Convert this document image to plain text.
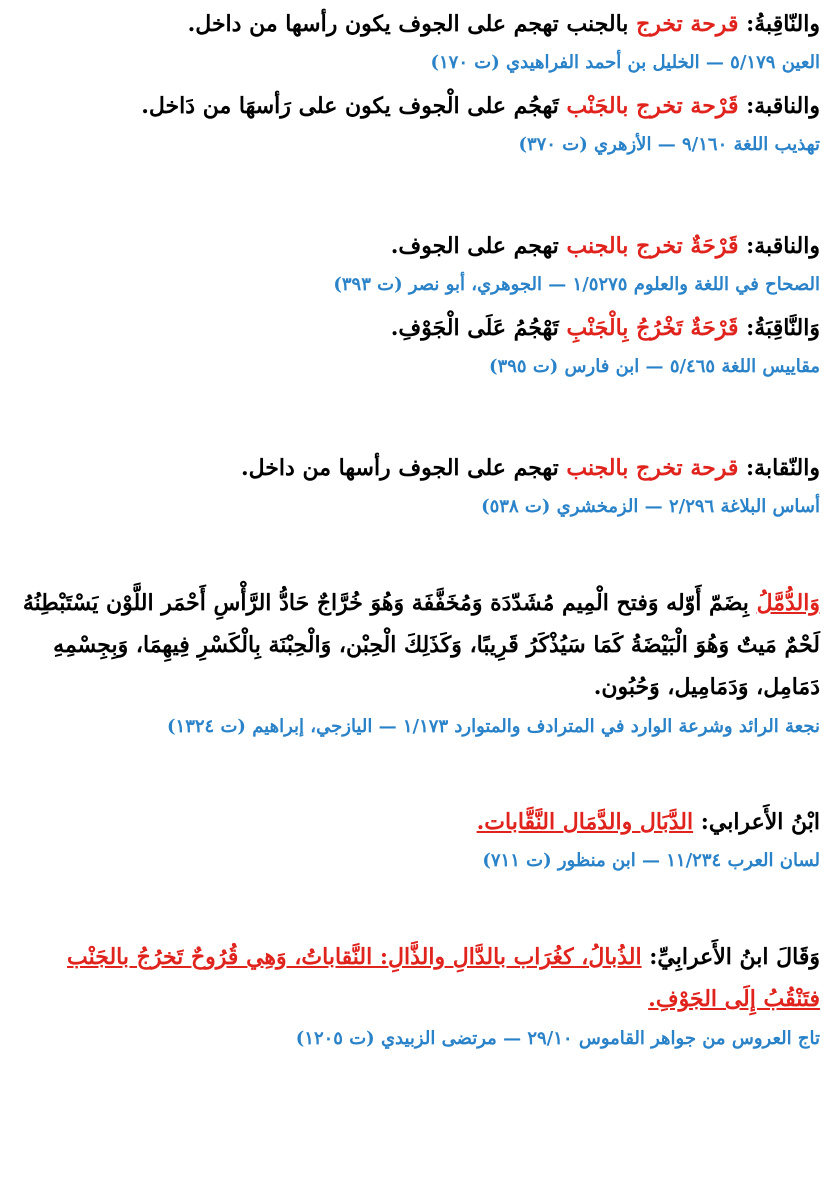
والنّاقِبةُ: قرحة تخرج بالجنب تهجم على الجوف يكون رأسها من داخل.

العين ٥/١٧٩ — الخليل بن أحمد الفراهيدي (ت ١٧٠)

والناقبة: قَرْحة تخرج بالجَنْب تَهجُم على الْجوف يكون على رَأسهَا من دَاخل.

تهذيب اللغة ٩/١٦٠ — الأزهري (ت ٣٧٠)

والناقبة: قَرْحَةٌ تخرج بالجنب تهجم على الجوف.

الصحاح في اللغة والعلوم ١/٥٢٧٥ — الجوهري، أبو نصر (ت ٣٩٣)

وَالنَّاقِبَةُ: قَرْحَةٌ تَخْرُجُ بِالْجَنْبِ تَهْجُمُ عَلَى الْجَوْفِ.

مقاييس اللغة ٥/٤٦٥ — ابن فارس (ت ٣٩٥)

والنّقابة: قرحة تخرج بالجنب تهجم على الجوف رأسها من داخل.

أساس البلاغة ٢/٢٩٦ — الزمخشري (ت ٥٣٨)

وَالدُّمَّلُ بِضَمّ أَوّله وَفتح الْمِيم مُشَدّدَة وَمُخَفَّفَة وَهُوَ خُرَّاجٌ حَادُّ الرَّأْسِ أَحْمَر اللَّوْن يَسْتَبْطِنُهُ لَحْمٌ مَيتٌ وَهُوَ الْبَيْضَةُ كَمَا سَيُذْكَرُ قَرِيبًا، وَكَذَلِكَ الْحِبْن، وَالْحِبْنَة بِالْكَسْرِ فِيهِمَا، وَبِجِسْمِهِ دَمَامِل، وَدَمَامِيل، وَحُبُون.

نجعة الرائد وشرعة الوارد في المترادف والمتوارد ١/١٧٣ — اليازجي، إبراهيم (ت ١٣٢٤)

ابْنُ الأَعرابي: الدَّبَال والدَّمَال النَّقَّابات.

لسان العرب ١١/٢٣٤ — ابن منظور (ت ٧١١)

وَقَالَ ابنُ الأَعرابِيِّ: الذُبالُ، كغُرَاب بالدَّالِ والذَّالِ: النَّقاباتُ، وَهِي قُرُوحٌ تَخرُجُ بالجَنْب فتَنْقُبُ إِلَى الجَوْفِ.

تاج العروس من جواهر القاموس ٢٩/١٠ — مرتضى الزبيدي (ت ١٢٠٥)
